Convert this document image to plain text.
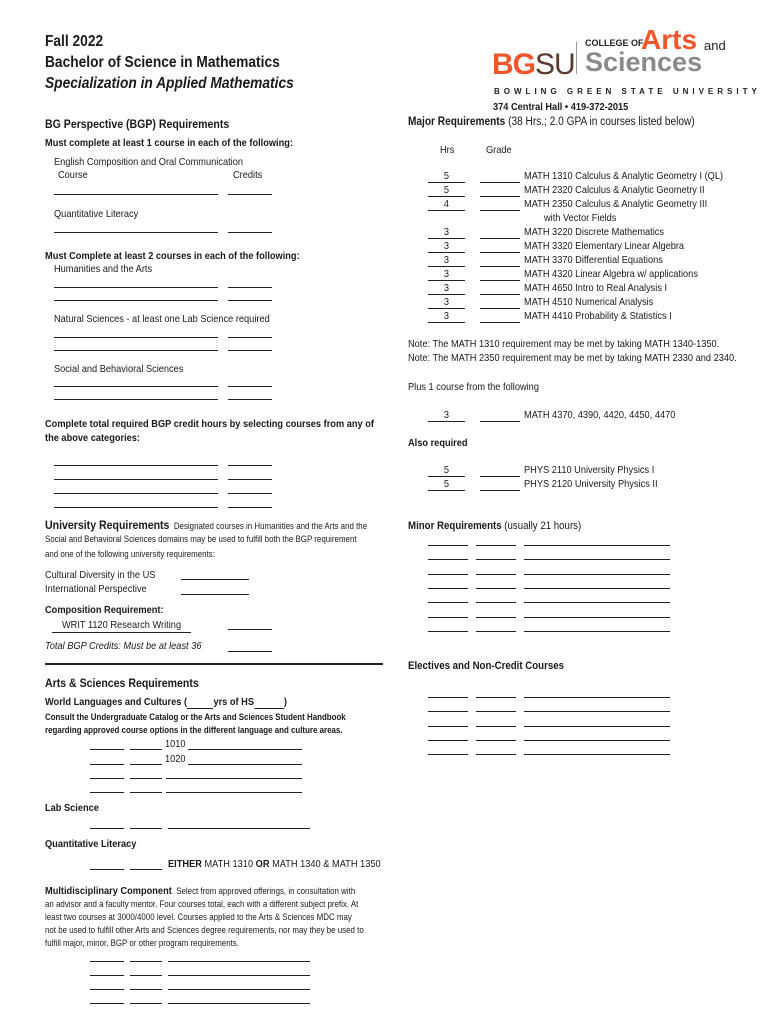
Fall 2022
Bachelor of Science in Mathematics
Specialization in Applied Mathematics
BGSU
COLLEGE OF
Arts and
Sciences
BOWLING GREEN STATE UNIVERSITY
374 Central Hall • 419-372-2015
BG Perspective (BGP) Requirements
Must complete at least 1 course in each of the following:
English Composition and Oral Communication
Course	Credits
Quantitative Literacy
Must Complete at least 2 courses in each of the following:
Humanities and the Arts
Natural Sciences - at least one Lab Science required
Social and Behavioral Sciences
Complete total required BGP credit hours by selecting courses from any of the above categories:
University Requirements Designated courses in Humanities and the Arts and the
Social and Behavioral Sciences domains may be used to fulfill both the BGP requirement
and one of the following university requirements:
Cultural Diversity in the US
International Perspective
Composition Requirement:
WRIT 1120 Research Writing
Total BGP Credits: Must be at least 36
Arts & Sciences Requirements
World Languages and Cultures (	yrs of HS	)
Consult the Undergraduate Catalog or the Arts and Sciences Student Handbook
regarding approved course options in the different language and culture areas.
1010
1020
Lab Science
Quantitative Literacy
EITHER MATH 1310 OR MATH 1340 & MATH 1350
Multidisciplinary Component Select from approved offerings, in consultation with
an advisor and a faculty mentor. Four courses total, each with a different subject prefix. At
least two courses at 3000/4000 level. Courses applied to the Arts & Sciences MDC may
not be used to fulfill other Arts and Sciences degree requirements, nor may they be used to
fulfill major, minor, BGP or other program requirements.
Major Requirements (38 Hrs.; 2.0 GPA in courses listed below)
Hrs	Grade
5	MATH 1310 Calculus & Analytic Geometry I (QL)
5	MATH 2320 Calculus & Analytic Geometry II
4	MATH 2350 Calculus & Analytic Geometry III
with Vector Fields
3	MATH 3220 Discrete Mathematics
3	MATH 3320 Elementary Linear Algebra
3	MATH 3370 Differential Equations
3	MATH 4320 Linear Algebra w/ applications
3	MATH 4650 Intro to Real Analysis I
3	MATH 4510 Numerical Analysis
3	MATH 4410 Probability & Statistics I
Note: The MATH 1310 requirement may be met by taking MATH 1340-1350.
Note: The MATH 2350 requirement may be met by taking MATH 2330 and 2340.
Plus 1 course from the following
3	MATH 4370, 4390, 4420, 4450, 4470
Also required
5	PHYS 2110 University Physics I
5	PHYS 2120 University Physics II
Minor Requirements (usually 21 hours)
Electives and Non-Credit Courses
